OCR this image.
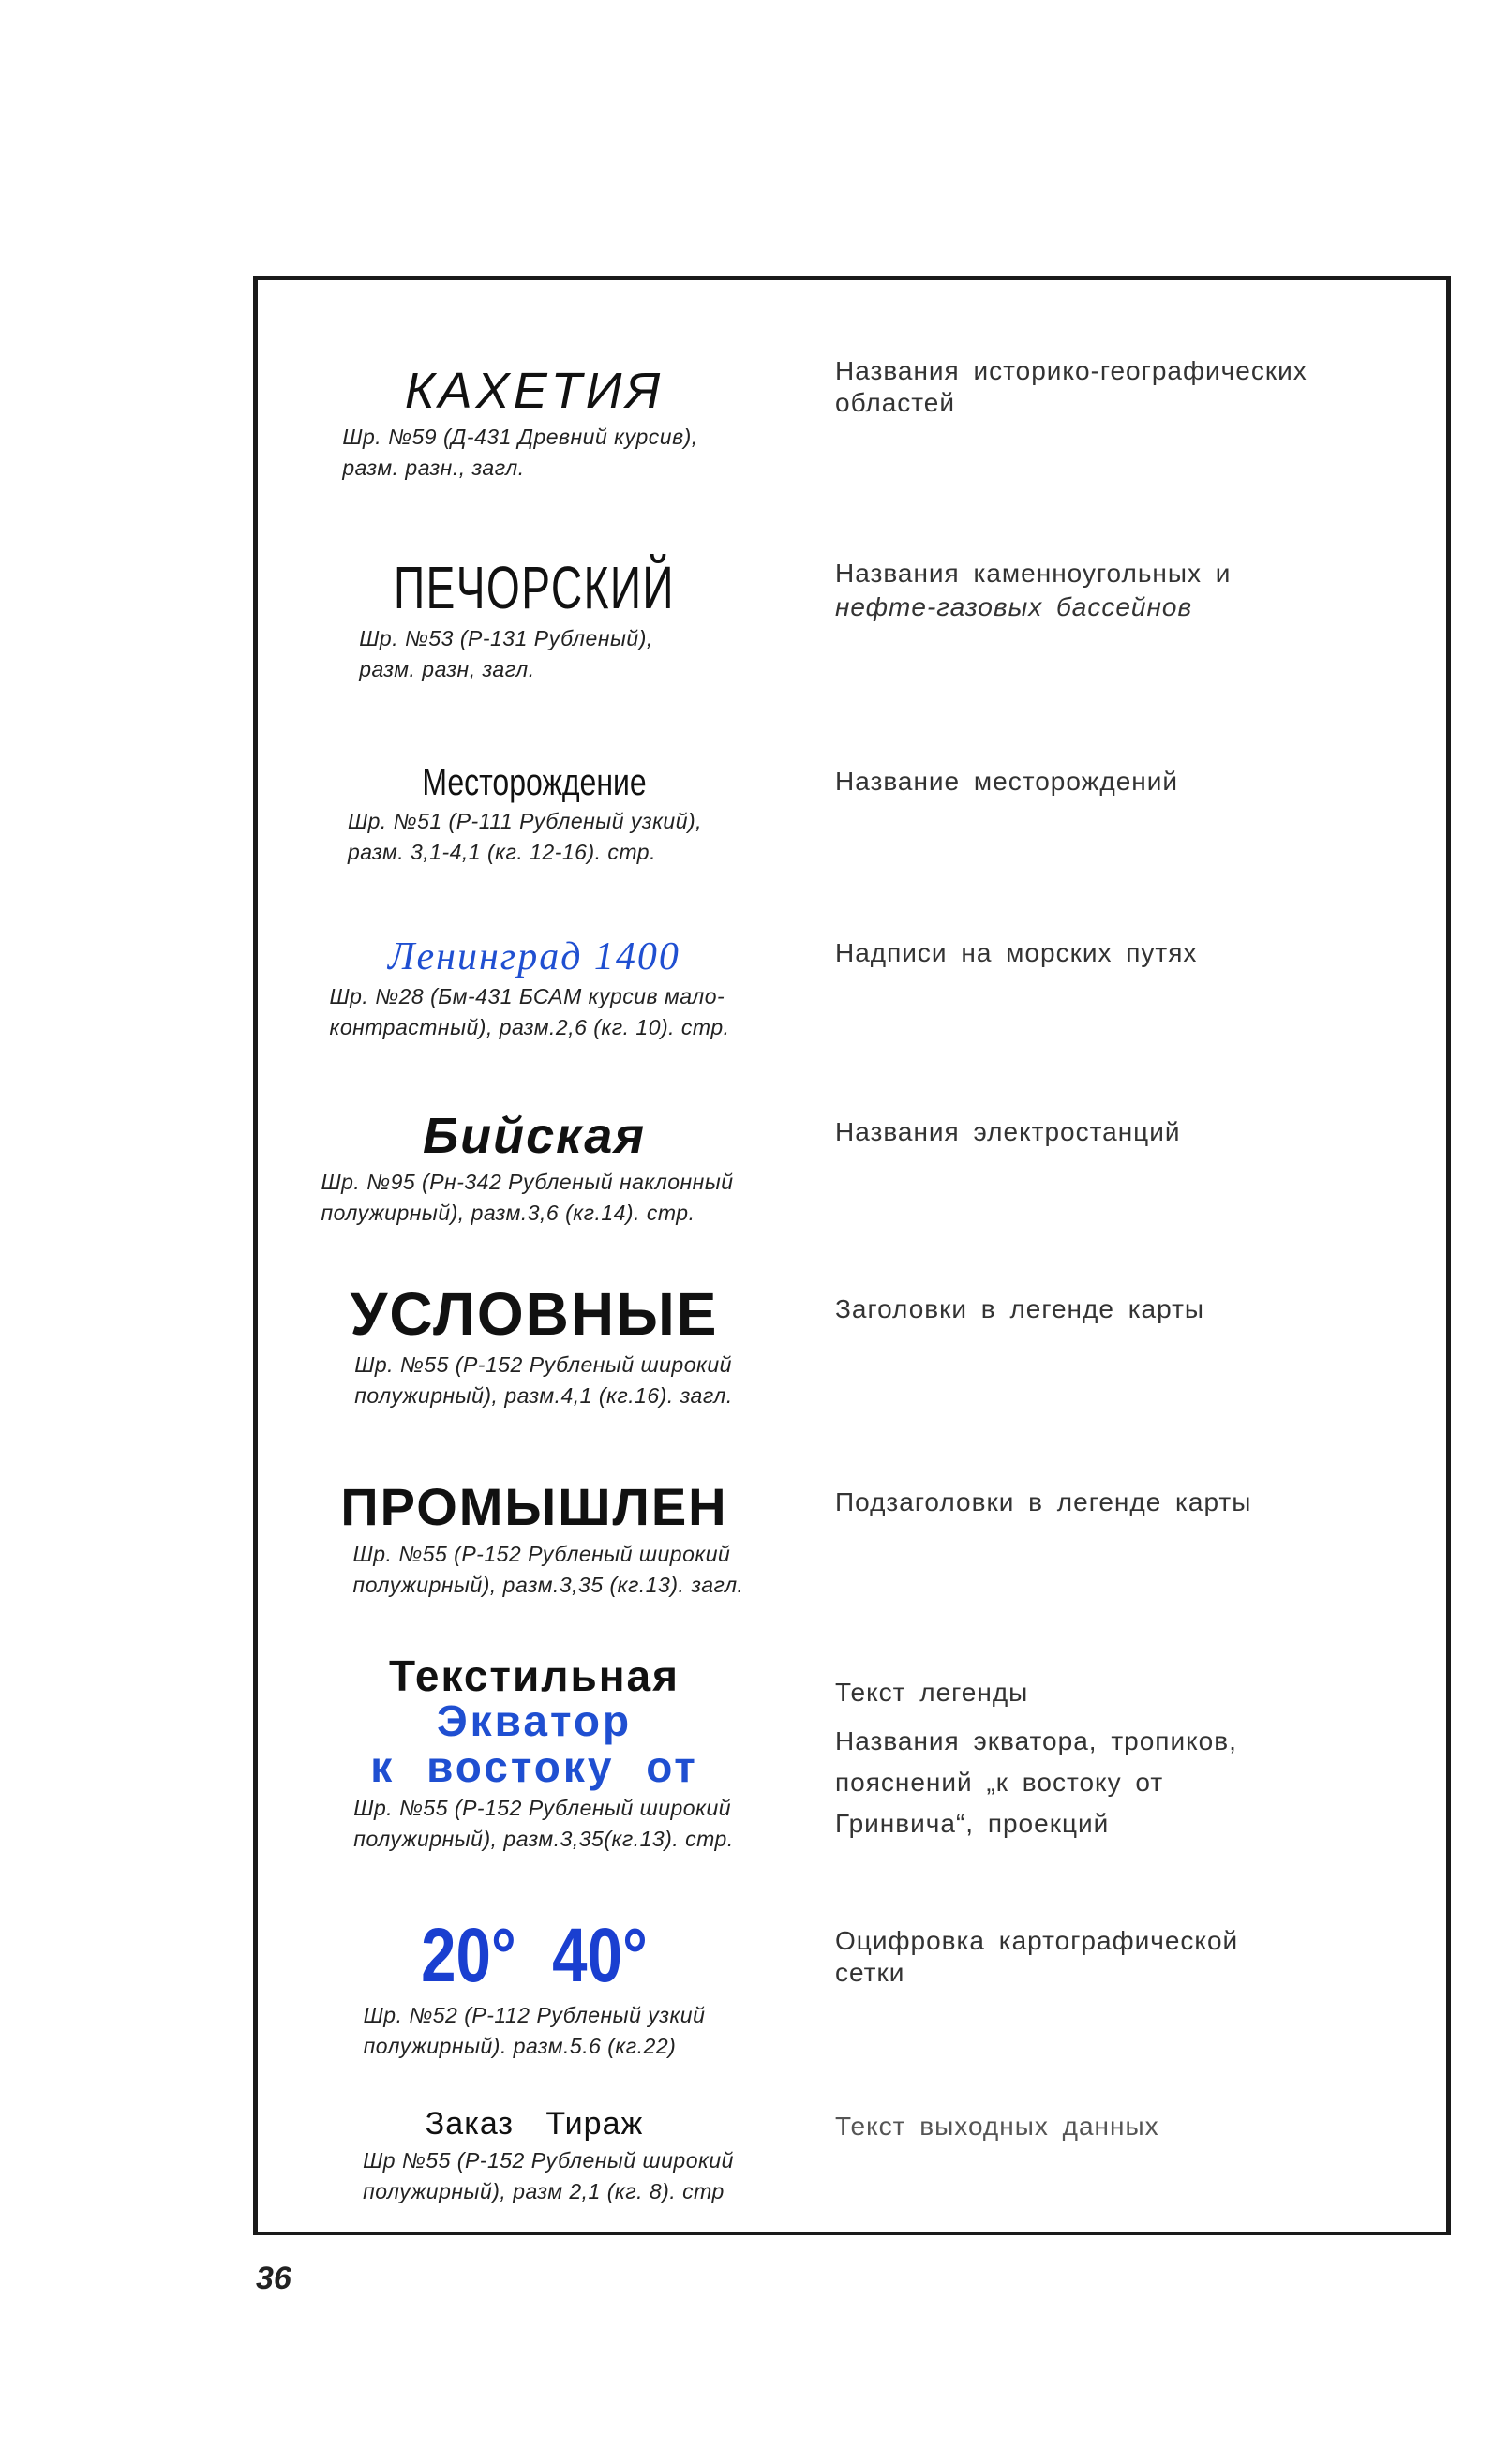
КАХЕТИЯ
Шр. №59 (Д-431 Древний курсив),
разм. разн., загл.
Названия историко-географических областей
ПЕЧОРСКИЙ
Шр. №53 (Р-131 Рубленый),
разм. разн, загл.
Названия каменноугольных и
нефте-газовых бассейнов
Месторождение
Шр. №51 (Р-111 Рубленый узкий),
разм. 3,1-4,1 (кг. 12-16). стр.
Название месторождений
Ленинград 1400
Шр. №28 (Бм-431 БСАМ курсив мало-
контрастный), разм.2,6 (кг. 10). стр.
Надписи на морских путях
Бийская
Шр. №95 (Рн-342 Рубленый наклонный
полужирный), разм.3,6 (кг.14). стр.
Названия электростанций
УСЛОВНЫЕ
Шр. №55 (Р-152 Рубленый широкий
полужирный), разм.4,1 (кг.16). загл.
Заголовки в легенде карты
ПРОМЫШЛЕН
Шр. №55 (Р-152 Рубленый широкий
полужирный), разм.3,35 (кг.13). загл.
Подзаголовки в легенде карты
Текстильная
Экватор
к востоку от
Шр. №55 (Р-152 Рубленый широкий
полужирный), разм.3,35(кг.13). стр.

Текст легенды

Названия экватора, тропиков, пояснений „к востоку от Гринвича“, проекций

20° 40°
Шр. №52 (Р-112 Рубленый узкий
полужирный). разм.5.6 (кг.22)
Оцифровка картографической сетки
Заказ Тираж
Шр №55 (Р-152 Рубленый широкий
полужирный), разм 2,1 (кг. 8). стр
Текст выходных данных
36
